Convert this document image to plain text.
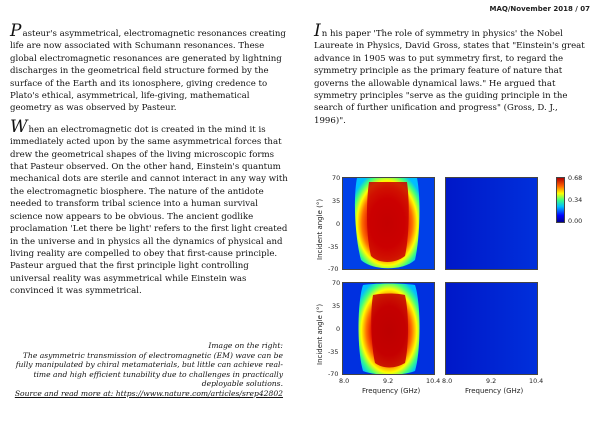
MAQ/November 2018 / 07

Pasteur's asymmetrical, electromagnetic resonances creating life are now associated with Schumann resonances. These global electromagnetic resonances are generated by lightning discharges in the geometrical field structure formed by the surface of the Earth and its ionosphere, giving credence to Plato's ethical, asymmetrical, life-giving, mathematical geometry as was observed by Pasteur.

When an electromagnetic dot is created in the mind it is immediately acted upon by the same asymmetrical forces that drew the geometrical shapes of the living microscopic forms that Pasteur observed. On the other hand, Einstein's quantum mechanical dots are sterile and cannot interact in any way with the electromagnetic biosphere. The nature of the antidote needed to transform tribal science into a human survival science now appears to be obvious. The ancient godlike proclamation 'Let there be light' refers to the first light created in the universe and in physics all the dynamics of physical and living reality are compelled to obey that first-cause principle. Pasteur argued that the first principle light controlling universal reality was asymmetrical while Einstein was convinced it was symmetrical.

Image on the right:
The asymmetric transmission of electromagnetic (EM) wave can be fully manipulated by chiral metamaterials, but little can achieve real-time and high efficient tunability due to challenges in practically deployable solutions.
Source and read more at: https://www.nature.com/articles/srep42802

In his paper 'The role of symmetry in physics' the Nobel Laureate in Physics, David Gross, states that "Einstein's great advance in 1905 was to put symmetry first, to regard the symmetry principle as the primary feature of nature that governs the allowable dynamical laws." He argued that symmetry principles "serve as the guiding principle in the search of further unification and progress" (Gross, D. J., 1996)".

Incident angle (°)
Incident angle (°)
70
35
0
-35
-70
70
35
0
-35
-70
8.0	9.2	10.4 8.0	9.2	10.4
Frequency (GHz)	Frequency (GHz)
0.68
0.34
0.00
